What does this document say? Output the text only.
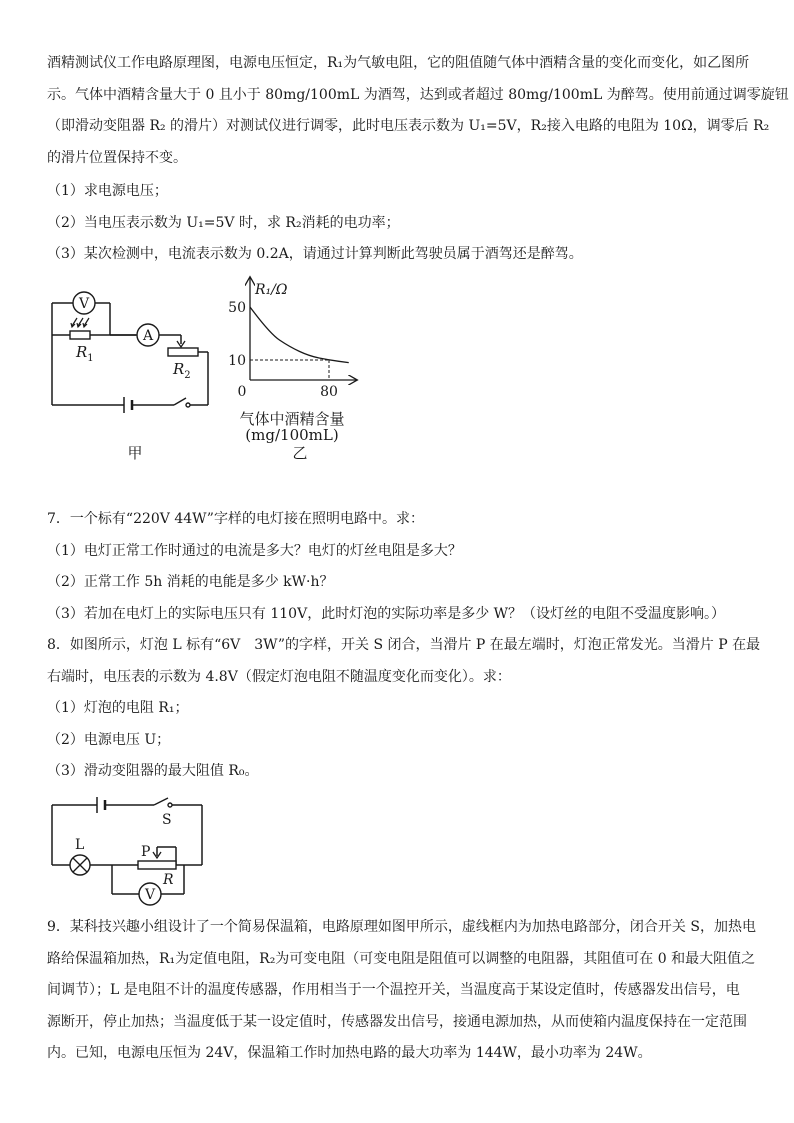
酒精测试仪工作电路原理图，电源电压恒定，R₁为气敏电阻，它的阻值随气体中酒精含量的变化而变化，如乙图所
示。气体中酒精含量大于 0 且小于 80mg/100mL 为酒驾，达到或者超过 80mg/100mL 为醉驾。使用前通过调零旋钮
（即滑动变阻器 R₂ 的滑片）对测试仪进行调零，此时电压表示数为 U₁=5V，R₂接入电路的电阻为 10Ω，调零后 R₂
的滑片位置保持不变。
（1）求电源电压；
（2）当电压表示数为 U₁=5V 时，求 R₂消耗的电功率；
（3）某次检测中，电流表示数为 0.2A，请通过计算判断此驾驶员属于酒驾还是醉驾。
V
A
$R_1$
$R_2$
甲
R₁/Ω
50
10
0	80
气体中酒精含量
(mg/100mL)
乙
7．一个标有“220V 44W”字样的电灯接在照明电路中。求：
（1）电灯正常工作时通过的电流是多大？电灯的灯丝电阻是多大？
（2）正常工作 5h 消耗的电能是多少 kW·h？
（3）若加在电灯上的实际电压只有 110V，此时灯泡的实际功率是多少 W？（设灯丝的电阻不受温度影响。）
8．如图所示，灯泡 L 标有“6V　3W”的字样，开关 S 闭合，当滑片 P 在最左端时，灯泡正常发光。当滑片 P 在最
右端时，电压表的示数为 4.8V（假定灯泡电阻不随温度变化而变化）。求：
（1）灯泡的电阻 R₁；
（2）电源电压 U；
（3）滑动变阻器的最大阻值 R₀。
V
S
L	P
R
9．某科技兴趣小组设计了一个简易保温箱，电路原理如图甲所示，虚线框内为加热电路部分，闭合开关 S，加热电
路给保温箱加热，R₁为定值电阻，R₂为可变电阻（可变电阻是阻值可以调整的电阻器，其阻值可在 0 和最大阻值之
间调节）；L 是电阻不计的温度传感器，作用相当于一个温控开关，当温度高于某设定值时，传感器发出信号，电
源断开，停止加热；当温度低于某一设定值时，传感器发出信号，接通电源加热，从而使箱内温度保持在一定范围
内。已知，电源电压恒为 24V，保温箱工作时加热电路的最大功率为 144W，最小功率为 24W。
